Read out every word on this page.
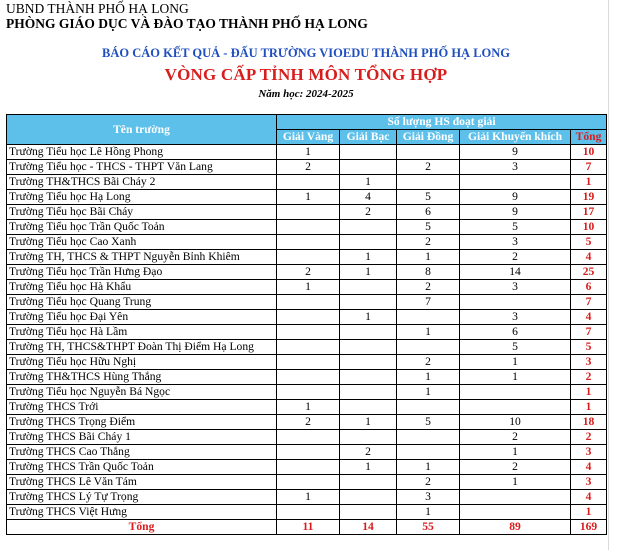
UBND THÀNH PHỐ HẠ LONG
PHÒNG GIÁO DỤC VÀ ĐÀO TẠO THÀNH PHỐ HẠ LONG
BÁO CÁO KẾT QUẢ - ĐẤU TRƯỜNG VIOEDU THÀNH PHỐ HẠ LONG
VÒNG CẤP TỈNH MÔN TỔNG HỢP
Năm học: 2024-2025
Tên trường	Số lượng HS đoạt giải				
	Giải Vàng	Giải Bạc	Giải Đồng	Giải Khuyến khích	Tổng
Trường Tiểu học Lê Hồng Phong	1			9	10
Trường Tiểu học - THCS - THPT Văn Lang	2		2	3	7
Trường TH&THCS Bãi Cháy 2		1			1
Trường Tiểu học Hạ Long	1	4	5	9	19
Trường Tiểu học Bãi Cháy		2	6	9	17
Trường Tiểu học Trần Quốc Toản			5	5	10
Trường Tiểu học Cao Xanh			2	3	5
Trường TH, THCS & THPT Nguyễn Bỉnh Khiêm		1	1	2	4
Trường Tiểu học Trần Hưng Đạo	2	1	8	14	25
Trường Tiểu học Hà Khẩu	1		2	3	6
Trường Tiểu học Quang Trung			7		7
Trường Tiểu học Đại Yên		1		3	4
Trường Tiểu học Hà Lầm			1	6	7
Trường TH, THCS&THPT Đoàn Thị Điểm Hạ Long				5	5
Trường Tiểu học Hữu Nghị			2	1	3
Trường TH&THCS Hùng Thắng			1	1	2
Trường Tiểu học Nguyễn Bá Ngọc			1		1
Trường THCS Trới	1				1
Trường THCS Trọng Điểm	2	1	5	10	18
Trường THCS Bãi Cháy 1				2	2
Trường THCS Cao Thắng		2		1	3
Trường THCS Trần Quốc Toản		1	1	2	4
Trường THCS Lê Văn Tám			2	1	3
Trường THCS Lý Tự Trọng	1		3		4
Trường THCS Việt Hưng			1		1
Tổng	11	14	55	89	169
